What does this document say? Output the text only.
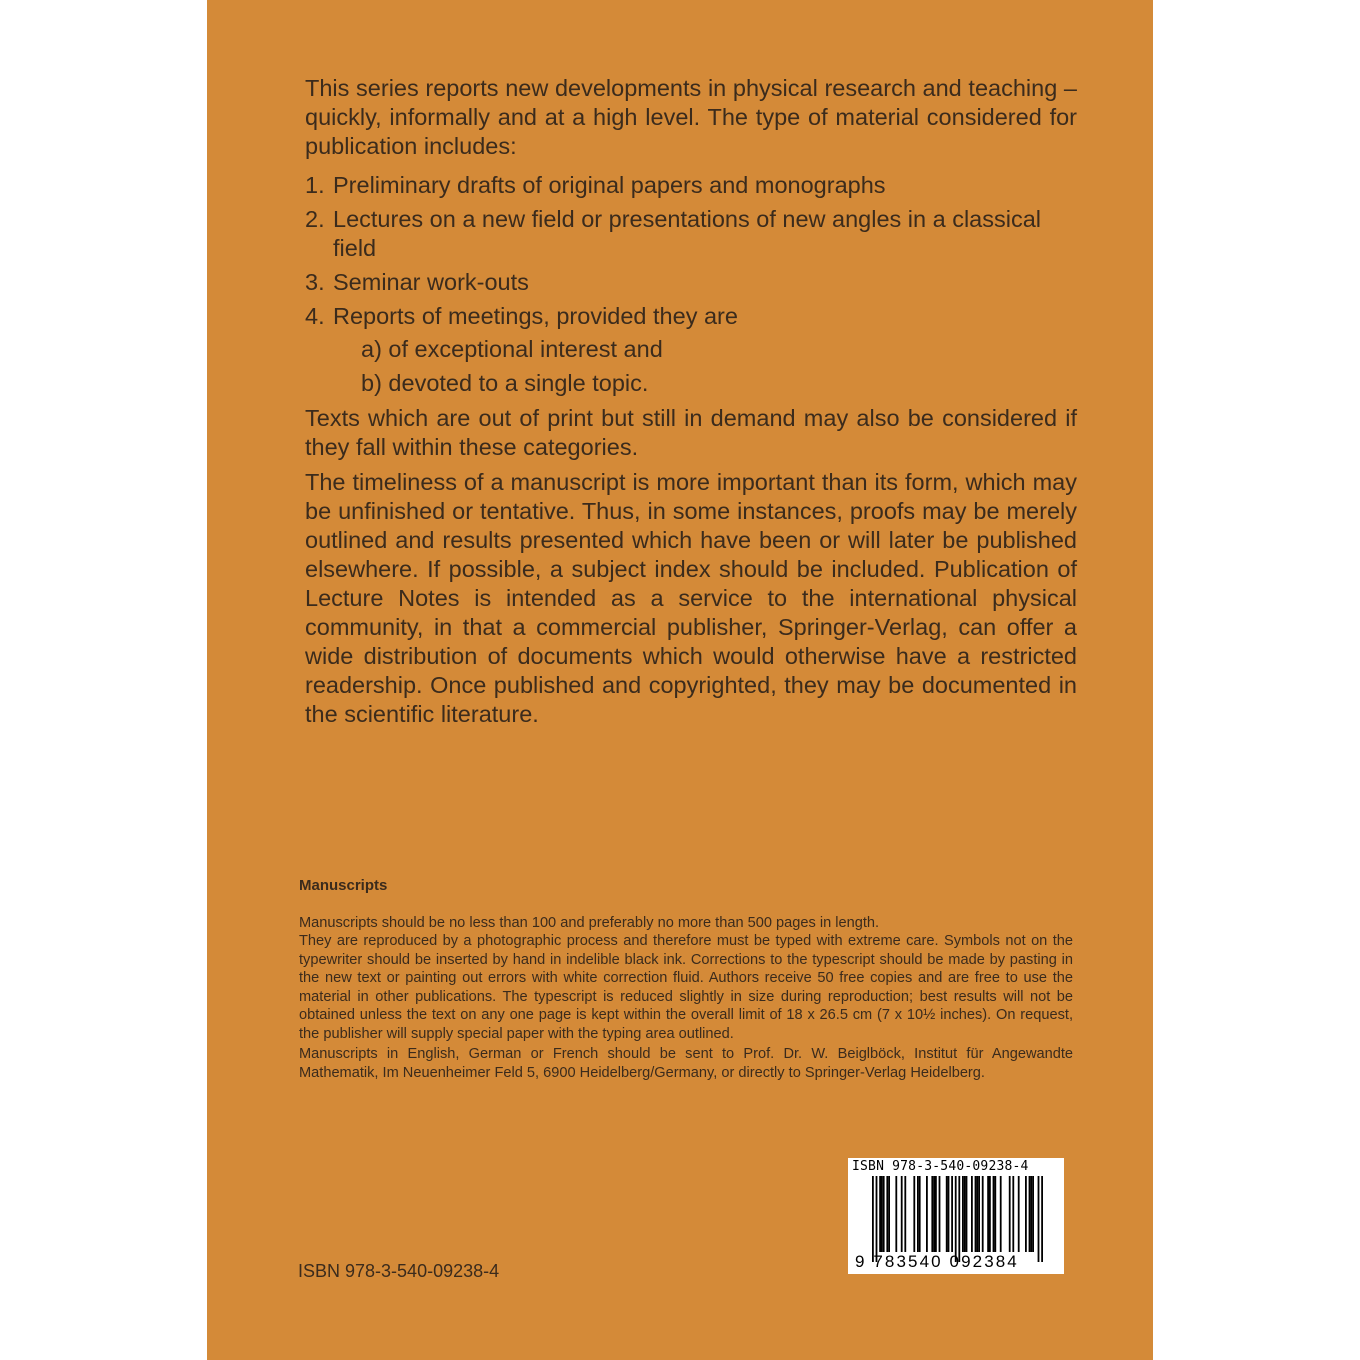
This series reports new developments in physical research and teaching – quickly, informally and at a high level. The type of material considered for publication includes:

1. Preliminary drafts of original papers and monographs
2. Lectures on a new field or presentations of new angles in a classical field
3. Seminar work-outs
4. Reports of meetings, provided they are
a) of exceptional interest and
b) devoted to a single topic.

Texts which are out of print but still in demand may also be considered if they fall within these categories.

The timeliness of a manuscript is more important than its form, which may be unfinished or tentative. Thus, in some instances, proofs may be merely outlined and results presented which have been or will later be published elsewhere. If possible, a subject index should be included. Publication of Lecture Notes is intended as a service to the international physical community, in that a commercial publisher, Springer-Verlag, can offer a wide distribution of documents which would otherwise have a restricted readership. Once published and copyrighted, they may be documented in the scientific literature.

Manuscripts

Manuscripts should be no less than 100 and preferably no more than 500 pages in length.

They are reproduced by a photographic process and therefore must be typed with extreme care. Symbols not on the typewriter should be inserted by hand in indelible black ink. Corrections to the typescript should be made by pasting in the new text or painting out errors with white correction fluid. Authors receive 50 free copies and are free to use the material in other publications. The typescript is reduced slightly in size during reproduction; best results will not be obtained unless the text on any one page is kept within the overall limit of 18 x 26.5 cm (7 x 10½ inches). On request, the publisher will supply special paper with the typing area outlined.

Manuscripts in English, German or French should be sent to Prof. Dr. W. Beiglböck, Institut für Angewandte Mathematik, Im Neuenheimer Feld 5, 6900 Heidelberg/Germany, or directly to Springer-Verlag Heidelberg.

ISBN 978-3-540-09238-4
ISBN 978-3-540-09238-4
9 783540 092384
